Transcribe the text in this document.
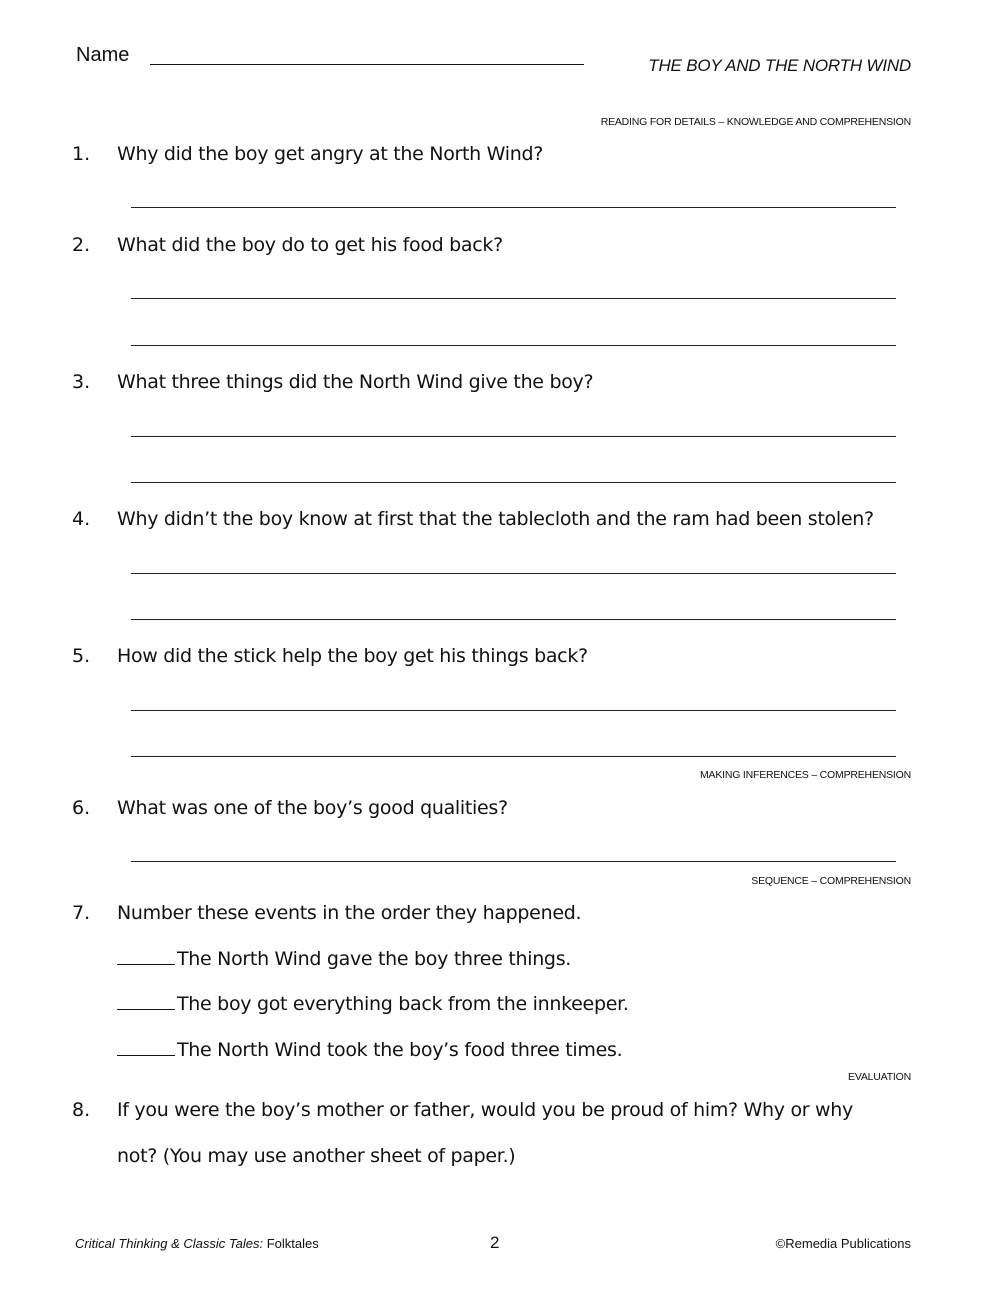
Name	THE BOY AND THE NORTH WIND
READING FOR DETAILS – KNOWLEDGE AND COMPREHENSION
1. Why did the boy get angry at the North Wind?
2. What did the boy do to get his food back?
3. What three things did the North Wind give the boy?
4. Why didn’t the boy know at first that the tablecloth and the ram had been stolen?
5. How did the stick help the boy get his things back?
MAKING INFERENCES – COMPREHENSION
6. What was one of the boy’s good qualities?
SEQUENCE – COMPREHENSION
7. Number these events in the order they happened.
The North Wind gave the boy three things.
The boy got everything back from the innkeeper.
The North Wind took the boy’s food three times.
EVALUATION
8. If you were the boy’s mother or father, would you be proud of him? Why or why
not? (You may use another sheet of paper.)
Critical Thinking & Classic Tales: Folktales	2	©Remedia Publications
